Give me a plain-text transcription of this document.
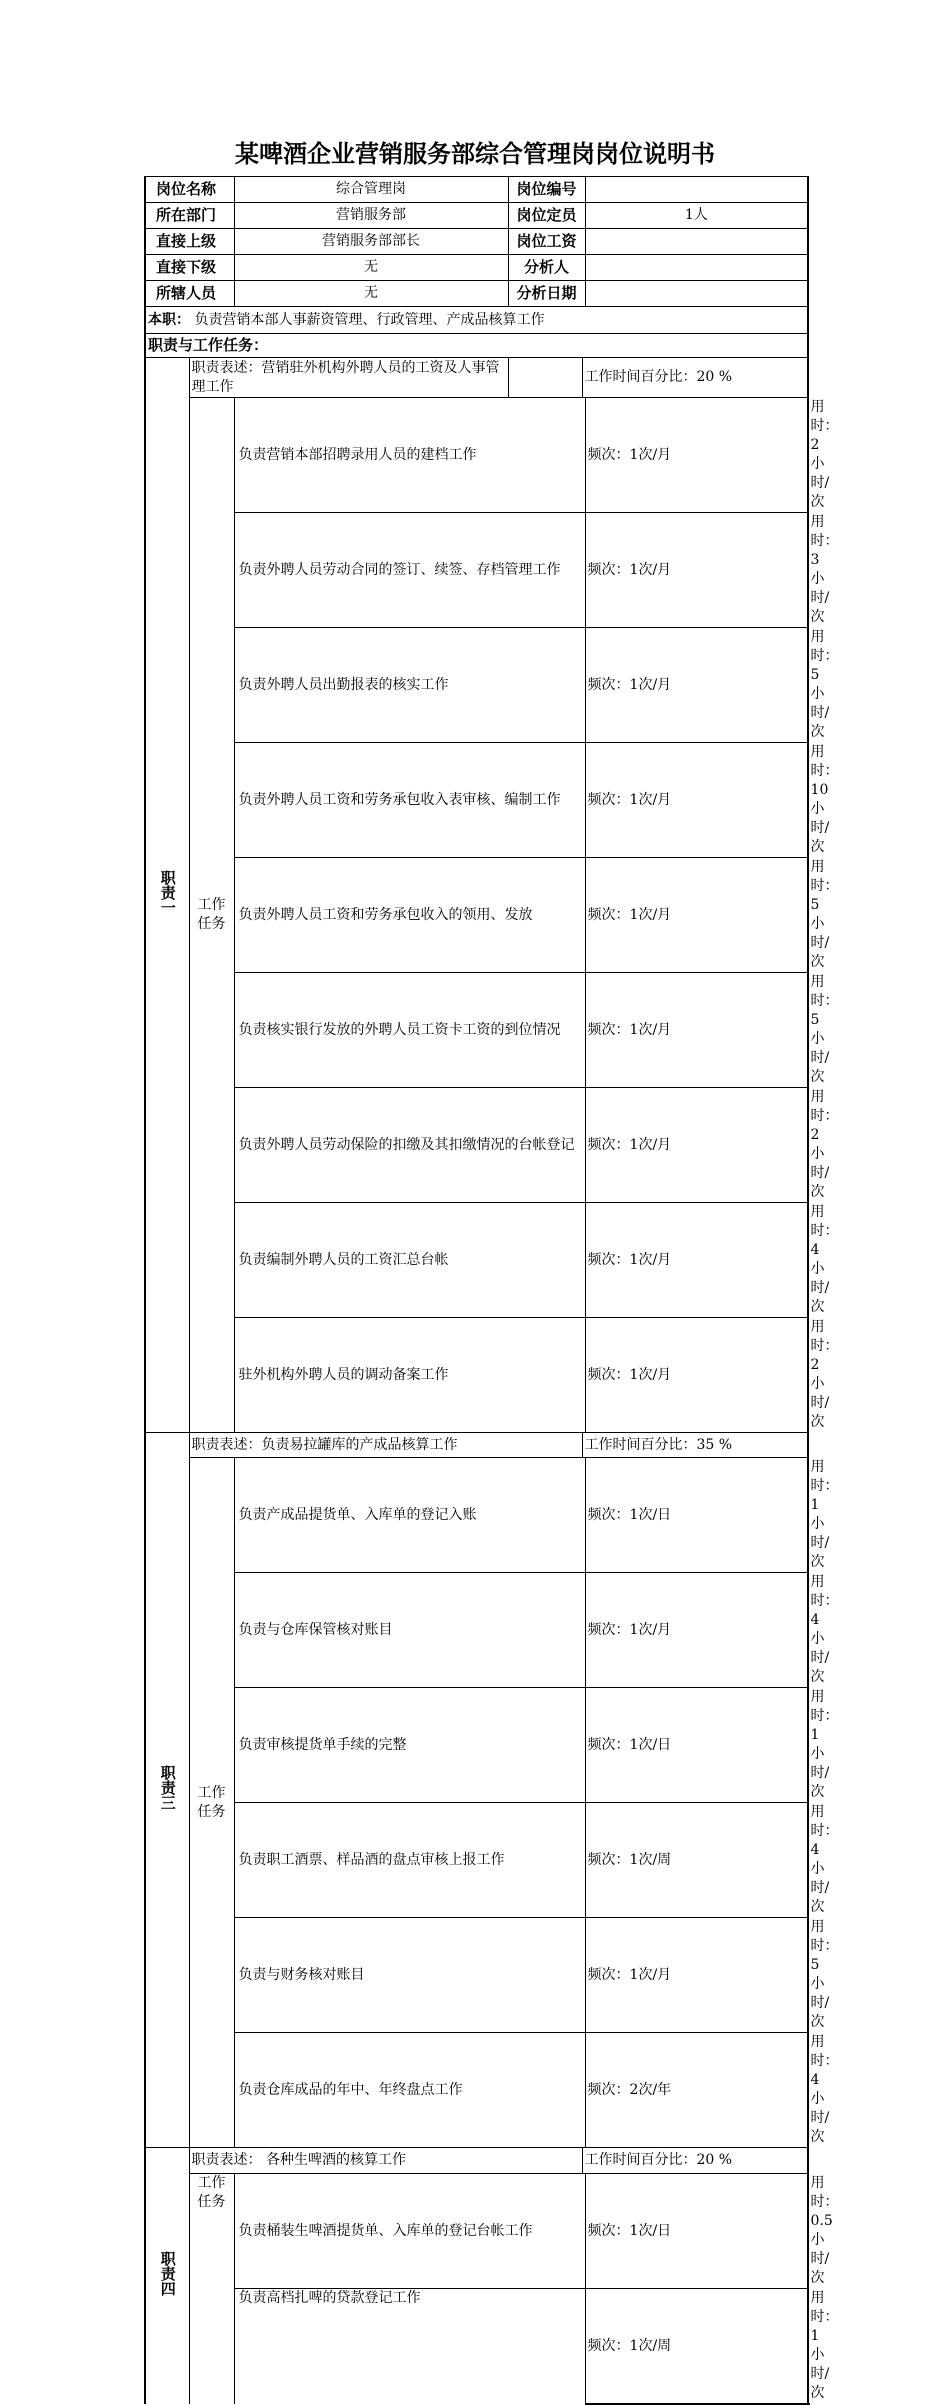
某啤酒企业营销服务部综合管理岗岗位说明书
岗位名称		综合管理岗	岗位编号			
所在部门		营销服务部	岗位定员		1人	
直接上级		营销服务部部长	岗位工资			
直接下级		无	分析人			
所辖人员		无	分析日期			
本职： 负责营销本部人事薪资管理、行政管理、产成品核算工作						
职责与工作任务：						
职责一	职责表述：营销驻外机构外聘人员的工资及人事管理工作			工作时间百分比：20 %		
	工作任务	负责营销本部招聘录用人员的建档工作			频次：1次/月	用时：2小时/次
		负责外聘人员劳动合同的签订、续签、存档管理工作			频次：1次/月	用时：3小时/次
		负责外聘人员出勤报表的核实工作			频次：1次/月	用时：5小时/次
		负责外聘人员工资和劳务承包收入表审核、编制工作			频次：1次/月	用时：10小时/次
		负责外聘人员工资和劳务承包收入的领用、发放			频次：1次/月	用时：5小时/次
		负责核实银行发放的外聘人员工资卡工资的到位情况			频次：1次/月	用时：5小时/次
		负责外聘人员劳动保险的扣缴及其扣缴情况的台帐登记			频次：1次/月	用时：2小时/次
		负责编制外聘人员的工资汇总台帐			频次：1次/月	用时：4小时/次
		驻外机构外聘人员的调动备案工作			频次：1次/月	用时：2小时/次
职责三	职责表述：负责易拉罐库的产成品核算工作			工作时间百分比：35 %		
	工作任务	负责产成品提货单、入库单的登记入账			频次：1次/日	用时：1小时/次
		负责与仓库保管核对账目			频次：1次/月	用时：4小时/次
		负责审核提货单手续的完整			频次：1次/日	用时：1小时/次
		负责职工酒票、样品酒的盘点审核上报工作			频次：1次/周	用时：4小时/次
		负责与财务核对账目			频次：1次/月	用时：5小时/次
		负责仓库成品的年中、年终盘点工作			频次：2次/年	用时：4小时/次
职责四	职责表述： 各种生啤酒的核算工作			工作时间百分比：20 %		
	工作任务	负责桶装生啤酒提货单、入库单的登记台帐工作			频次：1次/日	用时：0.5小时/次
		负责高档扎啤的贷款登记工作			频次：1次/周	用时：1小时/次
